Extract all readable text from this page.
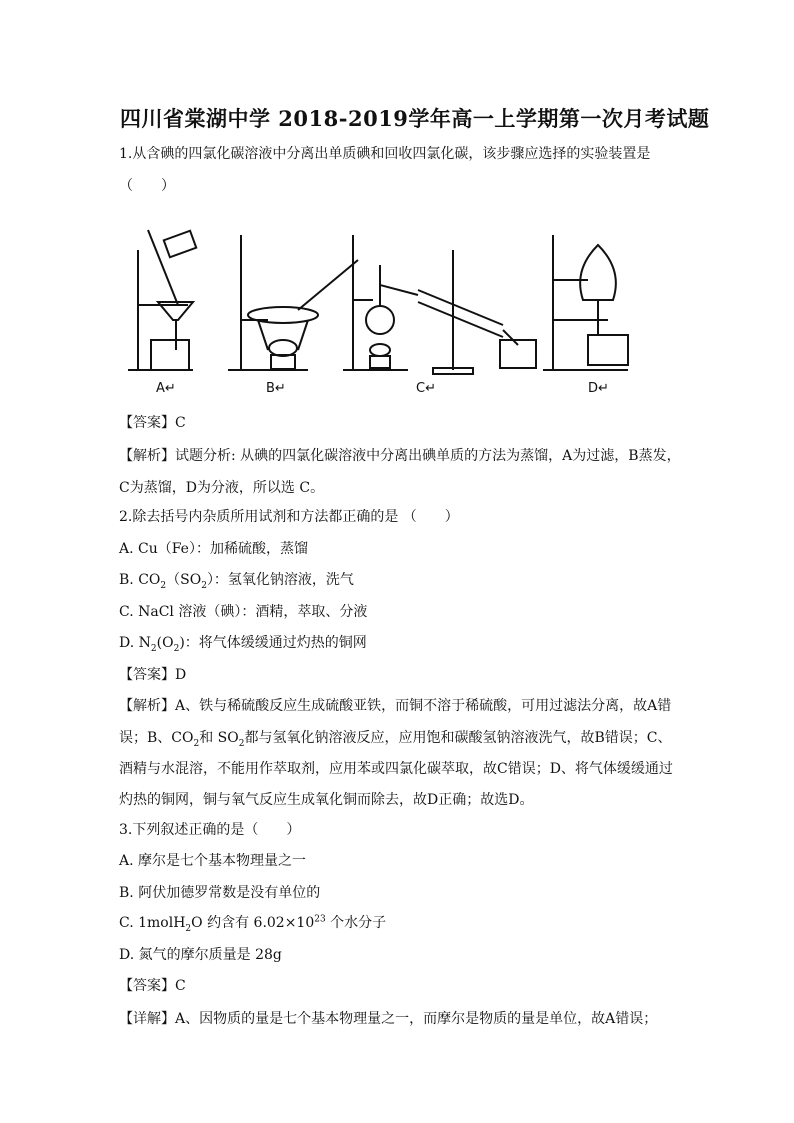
四川省棠湖中学 2018-2019学年高一上学期第一次月考试题
1.从含碘的四氯化碳溶液中分离出单质碘和回收四氯化碳，该步骤应选择的实验装置是
（　　）
A↵	B↵	C↵	D↵
【答案】C
【解析】试题分析: 从碘的四氯化碳溶液中分离出碘单质的方法为蒸馏，A为过滤，B蒸发，
C为蒸馏，D为分液，所以选 C。
2.除去括号内杂质所用试剂和方法都正确的是 （　　）
A. Cu（Fe）：加稀硫酸，蒸馏
B. $CO_2(SO_2)$：氢氧化钠溶液，洗气
C. NaCl 溶液（碘）：酒精，萃取、分液
D. $N_2(O_2)$：将气体缓缓通过灼热的铜网
【答案】D
【解析】A、铁与稀硫酸反应生成硫酸亚铁，而铜不溶于稀硫酸，可用过滤法分离，故A错
误；B、$CO_2$和 $SO_2$都与氢氧化钠溶液反应，应用饱和碳酸氢钠溶液洗气，故B错误；C、
酒精与水混溶，不能用作萃取剂，应用苯或四氯化碳萃取，故C错误；D、将气体缓缓通过
灼热的铜网，铜与氧气反应生成氧化铜而除去，故D正确；故选D。
3.下列叙述正确的是（　　）
A. 摩尔是七个基本物理量之一
B. 阿伏加德罗常数是没有单位的
C. 1molH$_2$O 约含有 $6.02\times 10^{23}$ 个水分子
D. 氮气的摩尔质量是 28g
【答案】C
【详解】A、因物质的量是七个基本物理量之一，而摩尔是物质的量是单位，故A错误；
